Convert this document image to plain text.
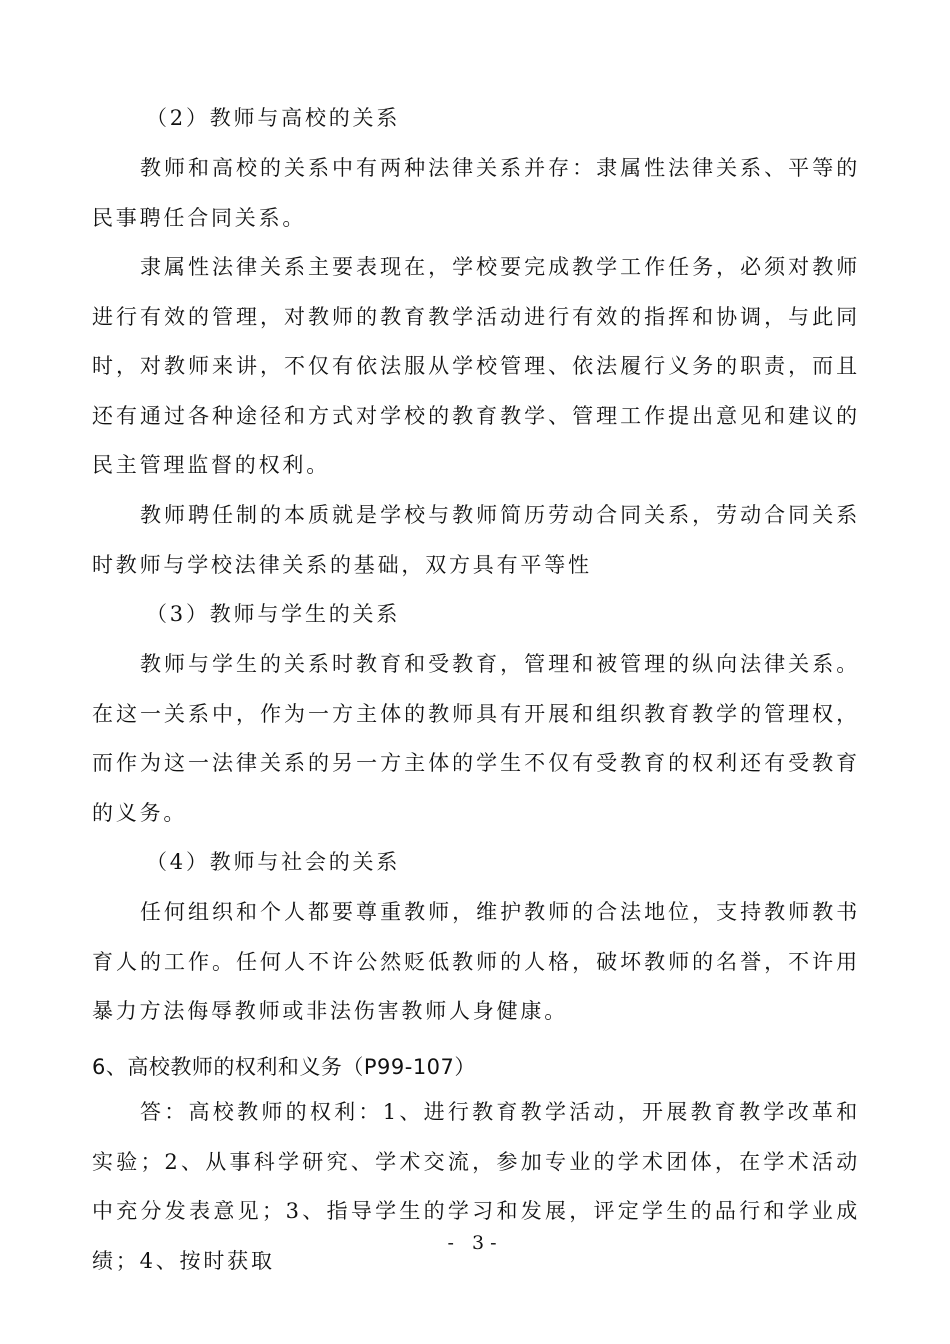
（2）教师与高校的关系

教师和高校的关系中有两种法律关系并存：隶属性法律关系、平等的民事聘任合同关系。

隶属性法律关系主要表现在，学校要完成教学工作任务，必须对教师进行有效的管理，对教师的教育教学活动进行有效的指挥和协调，与此同时，对教师来讲，不仅有依法服从学校管理、依法履行义务的职责，而且还有通过各种途径和方式对学校的教育教学、管理工作提出意见和建议的民主管理监督的权利。

教师聘任制的本质就是学校与教师简历劳动合同关系，劳动合同关系时教师与学校法律关系的基础，双方具有平等性

（3）教师与学生的关系

教师与学生的关系时教育和受教育，管理和被管理的纵向法律关系。在这一关系中，作为一方主体的教师具有开展和组织教育教学的管理权，而作为这一法律关系的另一方主体的学生不仅有受教育的权利还有受教育的义务。

（4）教师与社会的关系

任何组织和个人都要尊重教师，维护教师的合法地位，支持教师教书育人的工作。任何人不许公然贬低教师的人格，破坏教师的名誉，不许用暴力方法侮辱教师或非法伤害教师人身健康。

6、高校教师的权利和义务（P99-107）

答：高校教师的权利：1、进行教育教学活动，开展教育教学改革和实验；2、从事科学研究、学术交流，参加专业的学术团体，在学术活动中充分发表意见；3、指导学生的学习和发展，评定学生的品行和学业成绩；4、按时获取

- 3-
